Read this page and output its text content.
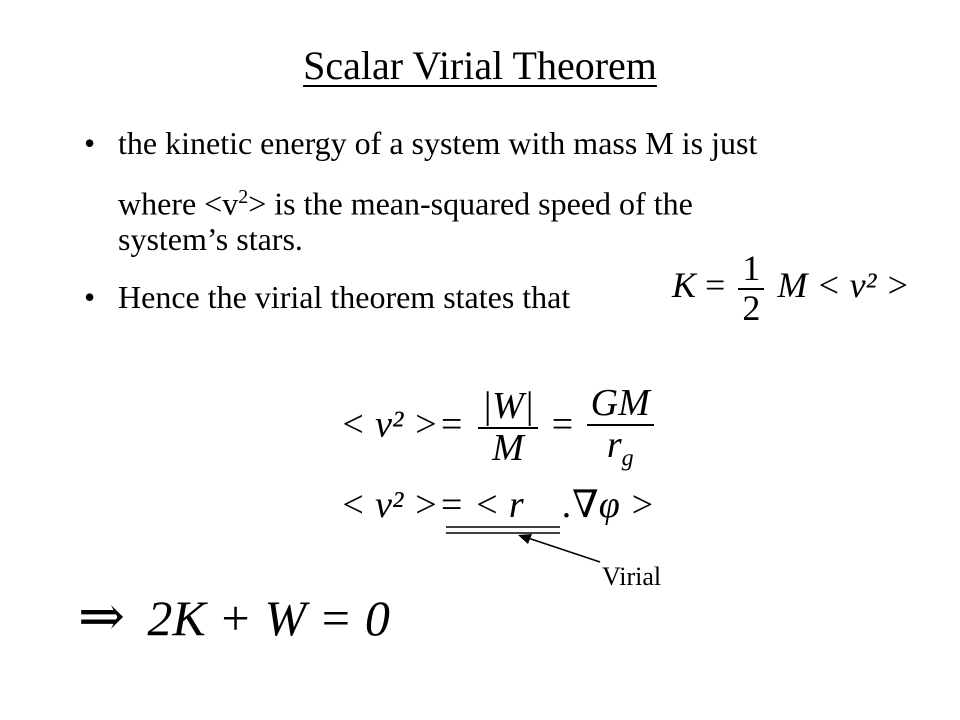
Scalar Virial Theorem
• the kinetic energy of a system with mass M is just
where $<v^2>$ is the mean-squared speed of the
system’s stars.
• Hence the virial theorem states that	$K = \frac{1}{2}$ M < v² >
< $v^2 >= \frac{|W|}{M} = \frac{GM}{r_g}$
< v² >= < r⃗ .∇φ >
Virial
⇒ 2K + W = 0
